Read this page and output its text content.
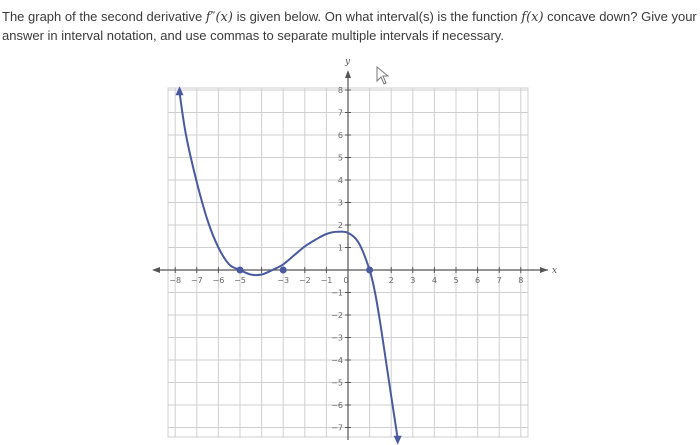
The graph of the second derivative f″(x) is given below. On what interval(s) is the function f(x) concave down? Give your answer in interval notation, and use commas to separate multiple intervals if necessary.
−8 −7 −6 −5	−3 −2 −1 0	2 3 4 5 6 7 8
8
7
6
5
4
3
2
1
−1
−2
−3
−4
−5
−6
−7
x
y
